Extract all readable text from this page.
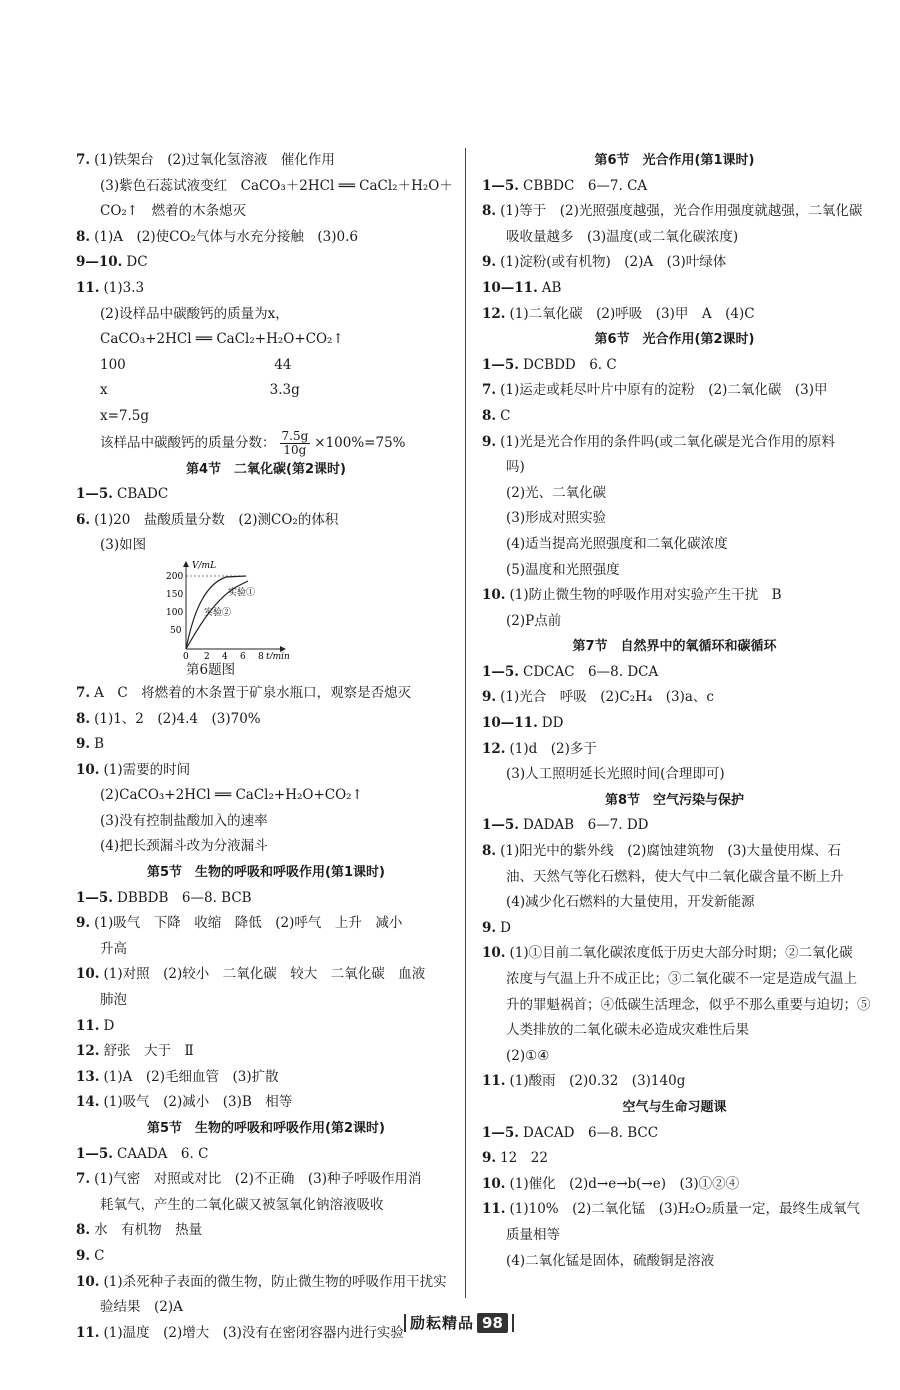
7. (1)铁架台　(2)过氧化氢溶液　催化作用
(3)紫色石蕊试液变红　CaCO₃＋2HCl ══ CaCl₂＋H₂O＋
CO₂↑　燃着的木条熄灭
8. (1)A　(2)使CO₂气体与水充分接触　(3)0.6
9—10. DC
11. (1)3.3
(2)设样品中碳酸钙的质量为x，
CaCO₃+2HCl ══ CaCl₂+H₂O+CO₂↑
100　　　　　　　　　　　44
x　　　　　　　　　　　　3.3g
x=7.5g
该样品中碳酸钙的质量分数： $\frac{7.5g}{10g} \times 100\%=75\%$
第4节　二氧化碳(第2课时)
1—5. CBADC
6. (1)20　盐酸质量分数　(2)测CO₂的体积
(3)如图
200
150
100
50
0 2 4 6 8
V/mL
t/min
实验①
实验②
第6题图
7. A　C　将燃着的木条置于矿泉水瓶口，观察是否熄灭
8. (1)1、2　(2)4.4　(3)70%
9. B
10. (1)需要的时间
(2)CaCO₃+2HCl ══ CaCl₂+H₂O+CO₂↑
(3)没有控制盐酸加入的速率
(4)把长颈漏斗改为分液漏斗
第5节　生物的呼吸和呼吸作用(第1课时)
1—5. DBBDB　6—8. BCB
9. (1)吸气　下降　收缩　降低　(2)呼气　上升　减小
升高
10. (1)对照　(2)较小　二氧化碳　较大　二氧化碳　血液
肺泡
11. D
12. 舒张　大于　Ⅱ
13. (1)A　(2)毛细血管　(3)扩散
14. (1)吸气　(2)减小　(3)B　相等
第5节　生物的呼吸和呼吸作用(第2课时)
1—5. CAADA　6. C
7. (1)气密　对照或对比　(2)不正确　(3)种子呼吸作用消
耗氧气，产生的二氧化碳又被氢氧化钠溶液吸收
8. 水　有机物　热量
9. C
10. (1)杀死种子表面的微生物，防止微生物的呼吸作用干扰实
验结果　(2)A
11. (1)温度　(2)增大　(3)没有在密闭容器内进行实验
第6节　光合作用(第1课时)
1—5. CBBDC　6—7. CA
8. (1)等于　(2)光照强度越强，光合作用强度就越强，二氧化碳
吸收量越多　(3)温度(或二氧化碳浓度)
9. (1)淀粉(或有机物)　(2)A　(3)叶绿体
10—11. AB
12. (1)二氧化碳　(2)呼吸　(3)甲　A　(4)C
第6节　光合作用(第2课时)
1—5. DCBDD　6. C
7. (1)运走或耗尽叶片中原有的淀粉　(2)二氧化碳　(3)甲
8. C
9. (1)光是光合作用的条件吗(或二氧化碳是光合作用的原料
吗)
(2)光、二氧化碳
(3)形成对照实验
(4)适当提高光照强度和二氧化碳浓度
(5)温度和光照强度
10. (1)防止微生物的呼吸作用对实验产生干扰　B
(2)P点前
第7节　自然界中的氧循环和碳循环
1—5. CDCAC　6—8. DCA
9. (1)光合　呼吸　(2)C₂H₄　(3)a、c
10—11. DD
12. (1)d　(2)多于
(3)人工照明延长光照时间(合理即可)
第8节　空气污染与保护
1—5. DADAB　6—7. DD
8. (1)阳光中的紫外线　(2)腐蚀建筑物　(3)大量使用煤、石
油、天然气等化石燃料，使大气中二氧化碳含量不断上升
(4)减少化石燃料的大量使用，开发新能源
9. D
10. (1)①目前二氧化碳浓度低于历史大部分时期；②二氧化碳
浓度与气温上升不成正比；③二氧化碳不一定是造成气温上
升的罪魁祸首；④低碳生活理念，似乎不那么重要与迫切；⑤
人类排放的二氧化碳未必造成灾难性后果
(2)①④
11. (1)酸雨　(2)0.32　(3)140g
空气与生命习题课
1—5. DACAD　6—8. BCC
9. 12　22
10. (1)催化　(2)d→e→b(→e)　(3)①②④
11. (1)10%　(2)二氧化锰　(3)H₂O₂质量一定，最终生成氧气
质量相等
(4)二氧化锰是固体，硫酸铜是溶液
励耘精品 98
